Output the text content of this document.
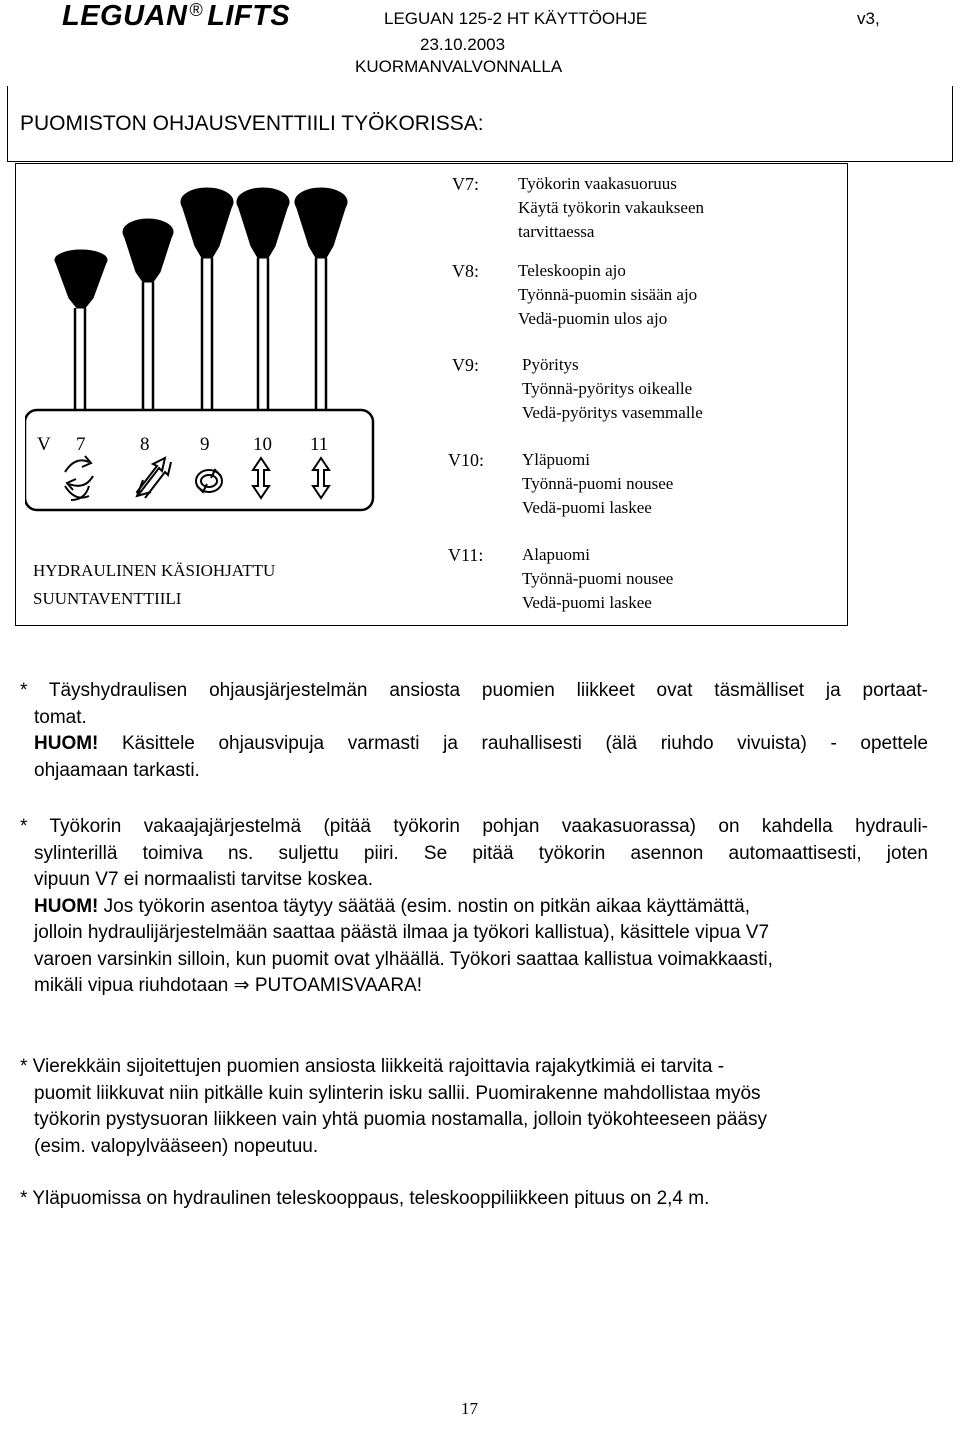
LEGUAN ® LIFTS	LEGUAN 125-2 HT KÄYTTÖOHJE	v3,
23.10.2003
KUORMANVALVONNALLA
PUOMISTON OHJAUSVENTTIILI TYÖKORISSA:
V 7	8	9 10 11
HYDRAULINEN KÄSIOHJATTU
SUUNTAVENTTIILI
V7: Työkorin vaakasuoruus
Käytä työkorin vakaukseen
tarvittaessa
V8: Teleskoopin ajo
Työnnä-puomin sisään ajo
Vedä-puomin ulos ajo
V9:	Pyöritys
Työnnä-pyöritys oikealle
Vedä-pyöritys vasemmalle
V10: Yläpuomi
Työnnä-puomi nousee
Vedä-puomi laskee
V11: Alapuomi
Työnnä-puomi nousee
Vedä-puomi laskee
* Täyshydraulisen ohjausjärjestelmän ansiosta puomien liikkeet ovat täsmälliset ja portaat-
tomat.
HUOM! Käsittele ohjausvipuja varmasti ja rauhallisesti (älä riuhdo vivuista) - opettele
ohjaamaan tarkasti.
* Työkorin vakaajajärjestelmä (pitää työkorin pohjan vaakasuorassa) on kahdella hydrauli-
sylinterillä toimiva ns. suljettu piiri. Se pitää työkorin asennon automaattisesti, joten
vipuun V7 ei normaalisti tarvitse koskea.
HUOM! Jos työkorin asentoa täytyy säätää (esim. nostin on pitkän aikaa käyttämättä,
jolloin hydraulijärjestelmään saattaa päästä ilmaa ja työkori kallistua), käsittele vipua V7
varoen varsinkin silloin, kun puomit ovat ylhäällä. Työkori saattaa kallistua voimakkaasti,
mikäli vipua riuhdotaan ⇒ PUTOAMISVAARA!
* Vierekkäin sijoitettujen puomien ansiosta liikkeitä rajoittavia rajakytkimiä ei tarvita -
puomit liikkuvat niin pitkälle kuin sylinterin isku sallii. Puomirakenne mahdollistaa myös
työkorin pystysuoran liikkeen vain yhtä puomia nostamalla, jolloin työkohteeseen pääsy
(esim. valopylvääseen) nopeutuu.
* Yläpuomissa on hydraulinen teleskooppaus, teleskooppiliikkeen pituus on 2,4 m.
17
